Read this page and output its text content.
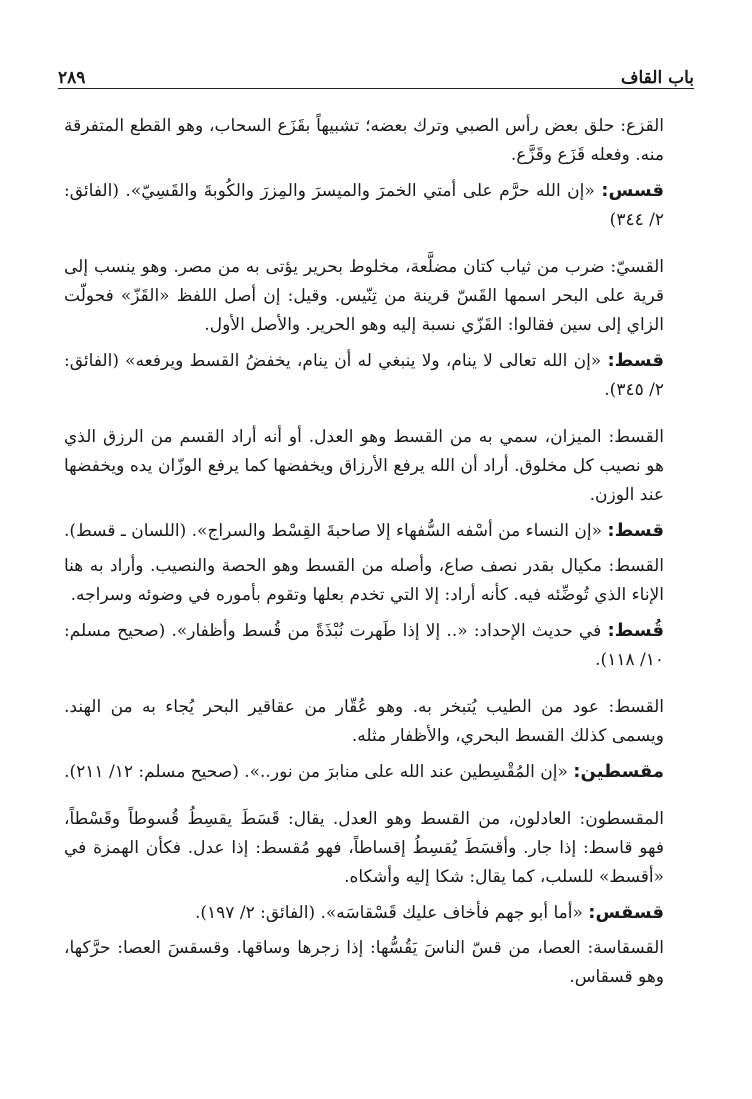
٢٨٩	باب القاف

القزع: حلق بعض رأس الصبي وترك بعضه؛ تشبيهاً بقَزَع السحاب، وهو القطع المتفرقة منه. وفعله قَزَع وقَزَّع.

قسس: «إن الله حرَّم على أمتي الخمرَ والميسرَ والمِزرَ والكُوبةَ والقَسِيّ». (الفائق: ٢/ ٣٤٤)

القسيّ: ضرب من ثياب كتان مضلَّعة، مخلوط بحرير يؤتى به من مصر. وهو ينسب إلى قرية على البحر اسمها القَسّ قرينة من تِنّيس. وقيل: إن أصل اللفظ «القَزّ» فحولّت الزاي إلى سين فقالوا: القَزّي نسبة إليه وهو الحرير. والأصل الأول.

قسط: «إن الله تعالى لا ينام، ولا ينبغي له أن ينام، يخفضُ القسط ويرفعه» (الفائق: ٢/ ٣٤٥).

القسط: الميزان، سمي به من القسط وهو العدل. أو أنه أراد القسم من الرزق الذي هو نصيب كل مخلوق. أراد أن الله يرفع الأرزاق ويخفضها كما يرفع الوزّان يده ويخفضها عند الوزن.

قسط: «إن النساء من أسْفه السُّفهاء إلا صاحبةَ القِسْط والسراج». (اللسان ـ قسط).

القسط: مكيال بقدر نصف صاع، وأصله من القسط وهو الحصة والنصيب. وأراد به هنا الإناء الذي تُوضِّئه فيه. كأنه أراد: إلا التي تخدم بعلها وتقوم بأموره في وضوئه وسراجه.

قُسط: في حديث الإحداد: «.. إلا إذا طَهرت نُبْذَةً من قُسط وأظفار». (صحيح مسلم: ١٠/ ١١٨).

القسط: عود من الطيب يُتبخر به. وهو عُقّار من عقاقير البحر يُجاء به من الهند. ويسمى كذلك القسط البحري، والأظفار مثله.

مقسطين: «إن المُقْسِطين عند الله على منابرَ من نور..». (صحيح مسلم: ١٢/ ٢١١).

المقسطون: العادلون، من القسط وهو العدل. يقال: قَسَطَ يقسِطُ قُسوطاً وقَسْطاً، فهو قاسط: إذا جار. وأقسَطَ يُقسِطُ إقساطاً، فهو مُقسط: إذا عدل. فكأن الهمزة في «أقسط» للسلب، كما يقال: شكا إليه وأشكاه.

قسقس: «أما أبو جهم فأخاف عليك قَسْقاسَه». (الفائق: ٢/ ١٩٧).

القسقاسة: العصا، من قسّ الناسَ يَقُسُّها: إذا زجرها وساقها. وقسقسَ العصا: حرَّكها، وهو قسقاس.
